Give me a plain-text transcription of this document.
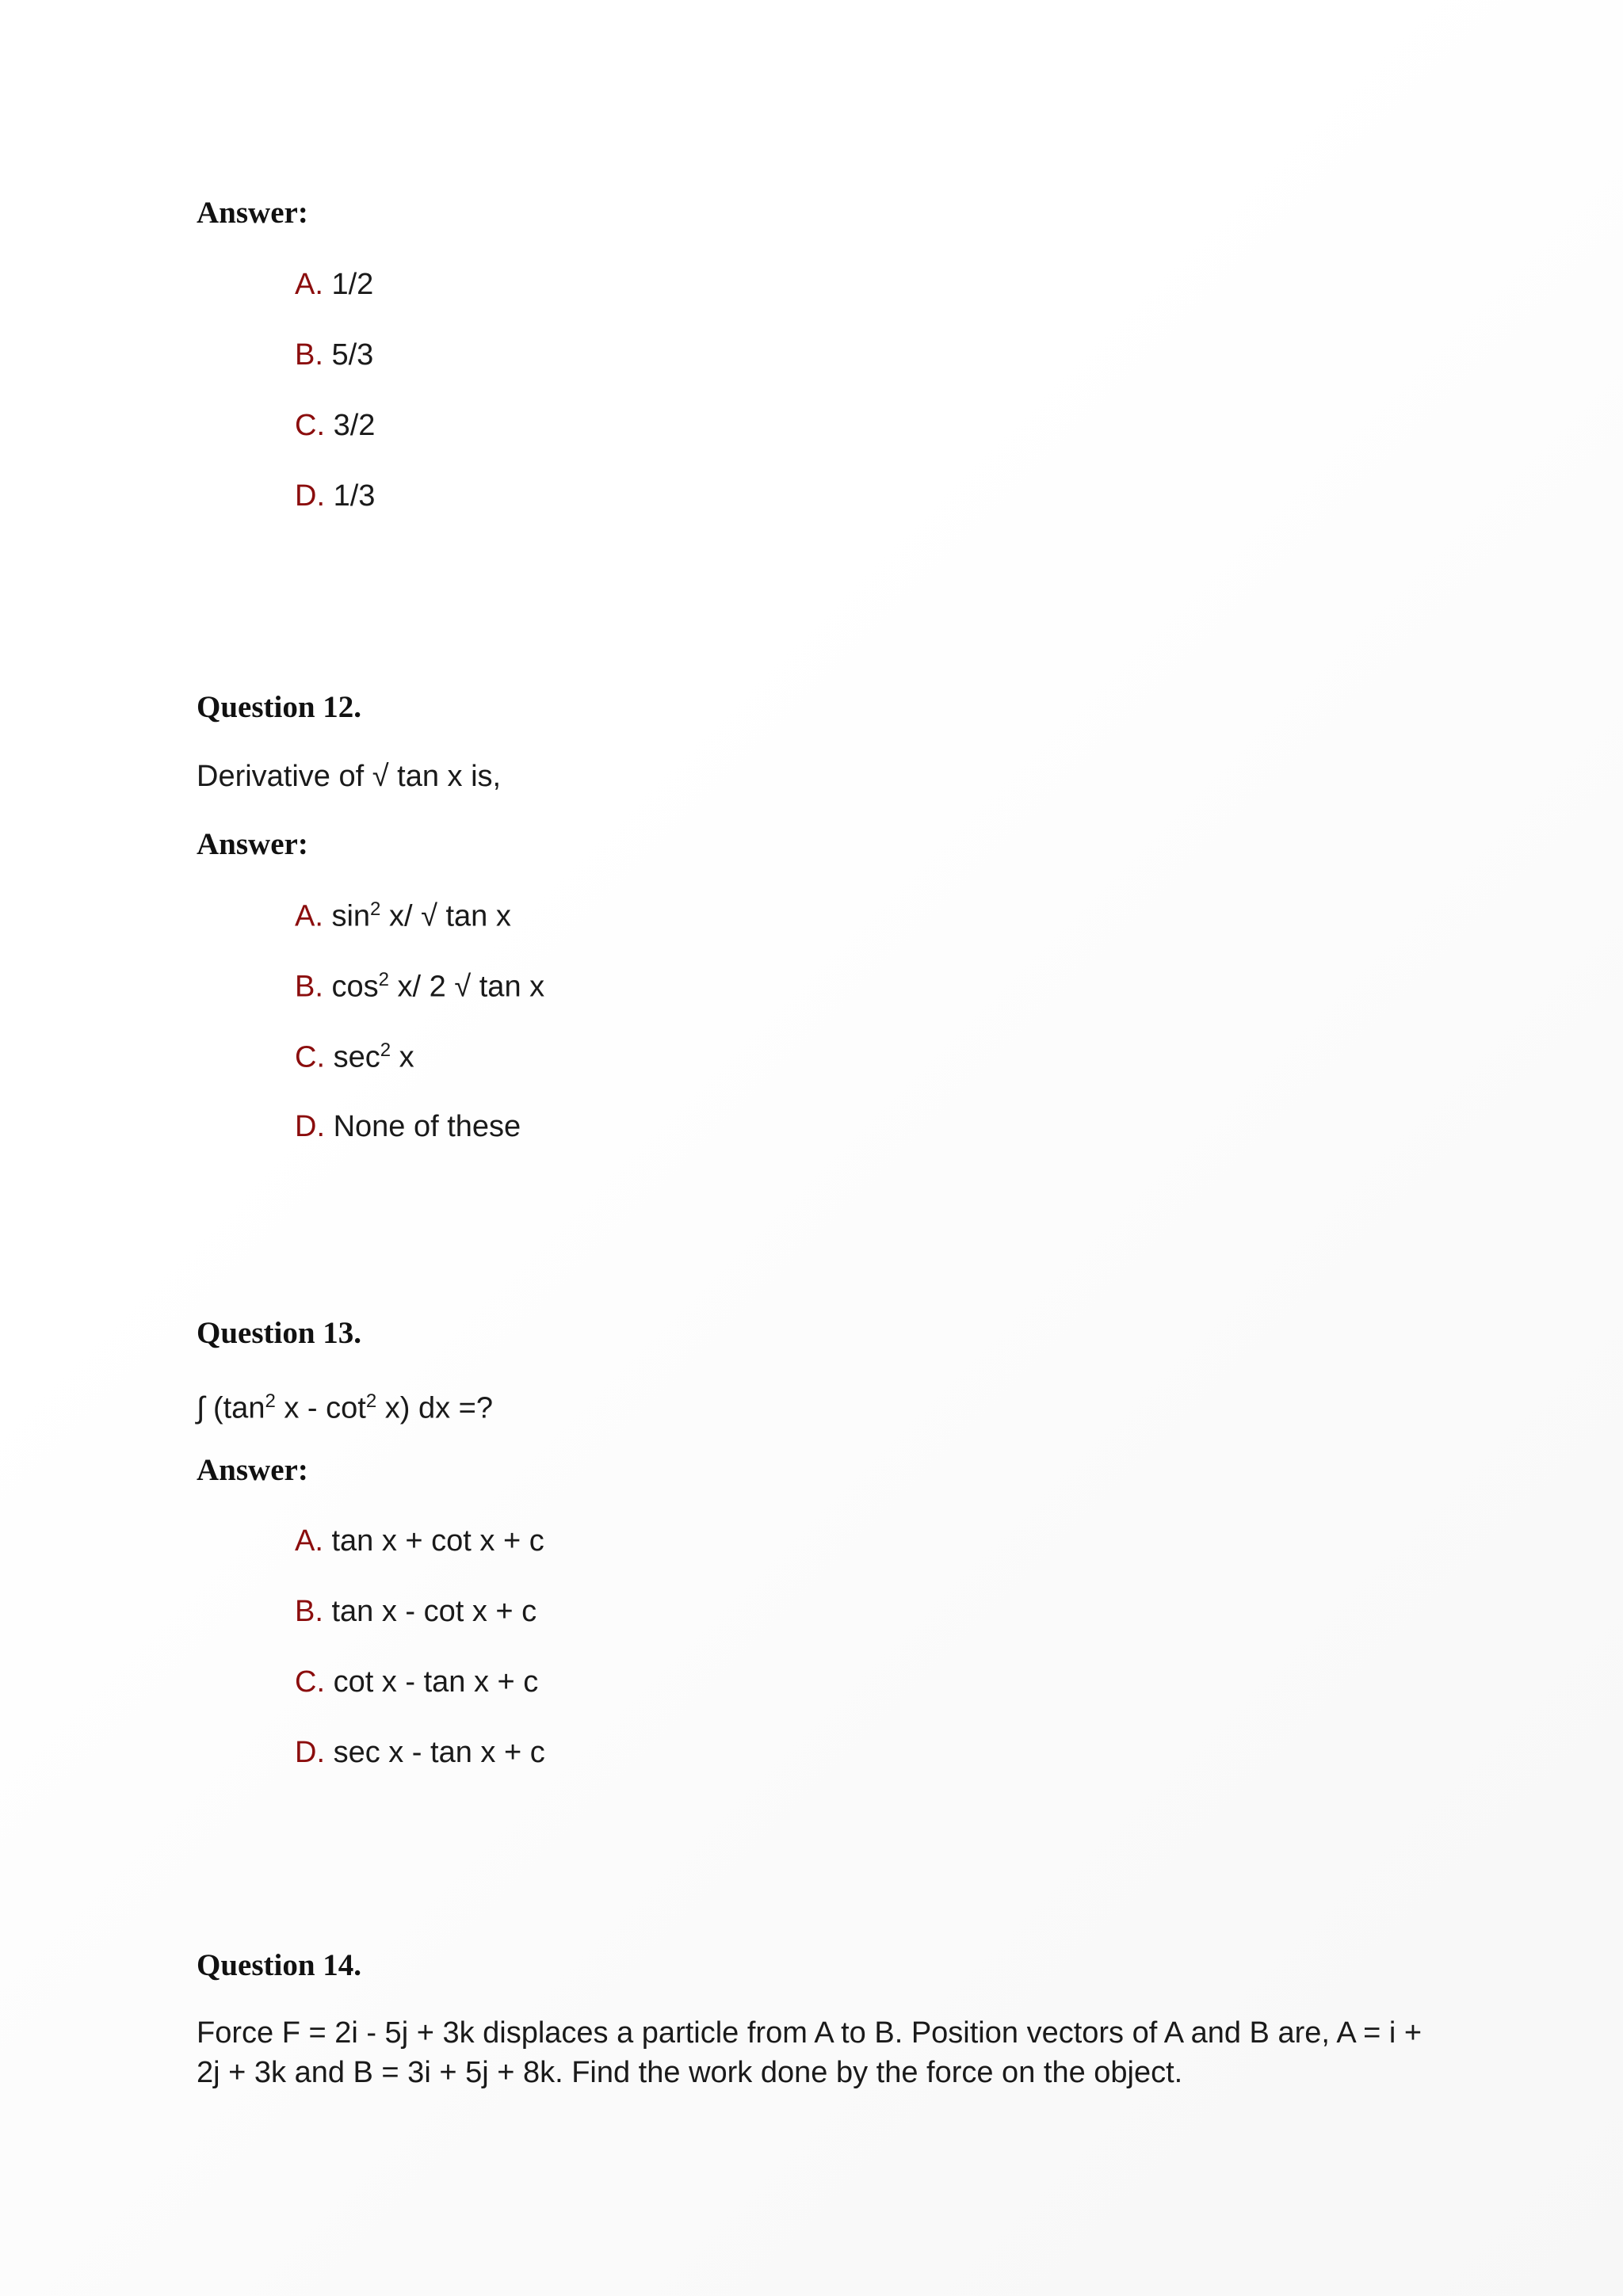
Answer:
A. 1/2
B. 5/3
C. 3/2
D. 1/3
Question 12.
Derivative of √ tan x is,
Answer:
A. $\sin^2 x/$ √ tan x
B. $\cos^2 x/$ 2 √ tan x
C. $\sec^2 x$
D. None of these
Question 13.
∫ ($\tan^2$ x - $\cot^2 x$) dx =?
Answer:
A. tan x + cot x + c
B. tan x - cot x + c
C. cot x - tan x + c
D. sec x - tan x + c
Question 14.
Force F = 2i - 5j + 3k displaces a particle from A to B. Position vectors of A and B are, A = i +
2j + 3k and B = 3i + 5j + 8k. Find the work done by the force on the object.
